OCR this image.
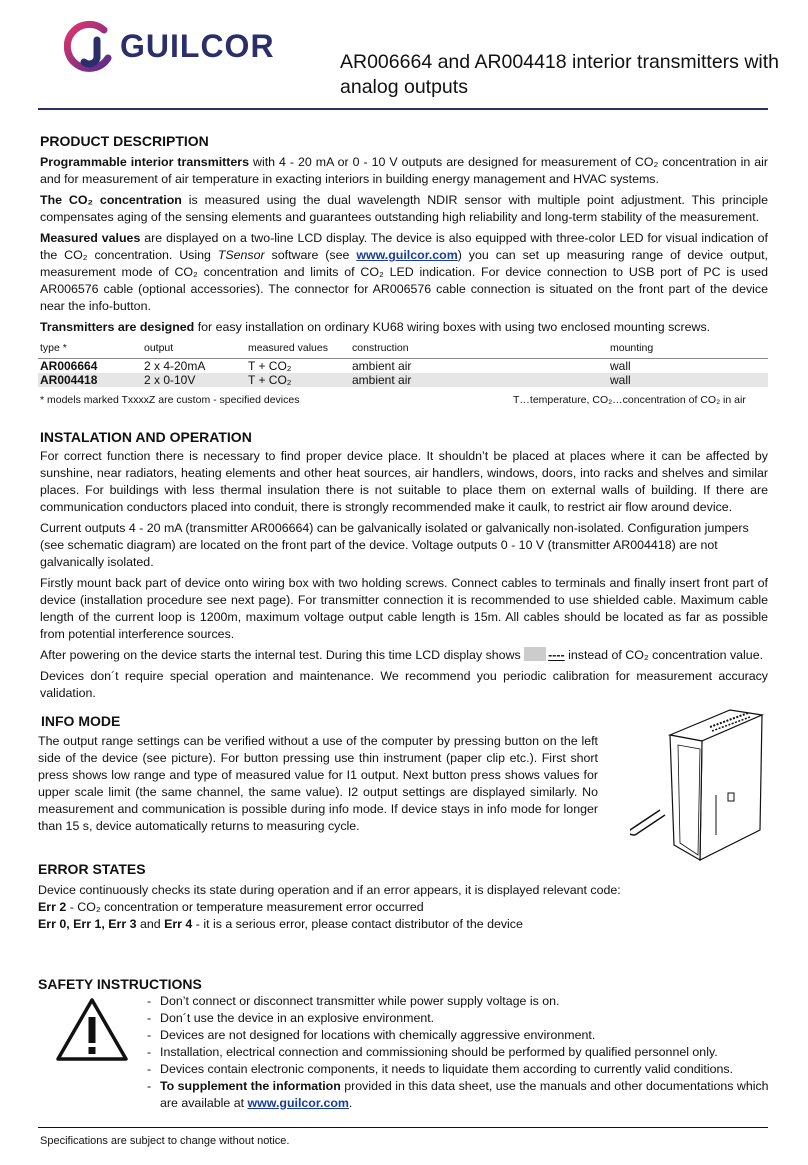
GUILCOR	AR006664 and AR004418 interior transmitters with analog outputs
PRODUCT DESCRIPTION

Programmable interior transmitters with 4 - 20 mA or 0 - 10 V outputs are designed for measurement of CO₂ concentration in air and for measurement of air temperature in exacting interiors in building energy management and HVAC systems.

The CO₂ concentration is measured using the dual wavelength NDIR sensor with multiple point adjustment. This principle compensates aging of the sensing elements and guarantees outstanding high reliability and long-term stability of the measurement.

Measured values are displayed on a two-line LCD display. The device is also equipped with three-color LED for visual indication of the CO₂ concentration. Using TSensor software (see www.guilcor.com) you can set up measuring range of device output, measurement mode of CO₂ concentration and limits of CO₂ LED indication. For device connection to USB port of PC is used AR006576 cable (optional accessories). The connector for AR006576 cable connection is situated on the front part of the device near the info-button.

Transmitters are designed for easy installation on ordinary KU68 wiring boxes with using two enclosed mounting screws.

type *	output	measured values	construction	mounting
AR006664	2 x 4-20mA	T + CO₂	ambient air	wall
AR004418	2 x 0-10V	T + CO₂	ambient air	wall
* models marked TxxxxZ are custom - specified devices	T…temperature, CO₂…concentration of CO₂ in air
INSTALATION AND OPERATION

For correct function there is necessary to find proper device place. It shouldn’t be placed at places where it can be affected by sunshine, near radiators, heating elements and other heat sources, air handlers, windows, doors, into racks and shelves and similar places. For buildings with less thermal insulation there is not suitable to place them on external walls of building. If there are communication conductors placed into conduit, there is strongly recommended make it caulk, to restrict air flow around device.

Current outputs 4 - 20 mA (transmitter AR006664) can be galvanically isolated or galvanically non-isolated. Configuration jumpers (see schematic diagram) are located on the front part of the device. Voltage outputs 0 - 10 V (transmitter AR004418) are not galvanically isolated.

Firstly mount back part of device onto wiring box with two holding screws. Connect cables to terminals and finally insert front part of device (installation procedure see next page). For transmitter connection it is recommended to use shielded cable. Maximum cable length of the current loop is 1200m, maximum voltage output cable length is 15m. All cables should be located as far as possible from potential interference sources.

After powering on the device starts the internal test. During this time LCD display shows ---- instead of CO₂ concentration value.

Devices don´t require special operation and maintenance. We recommend you periodic calibration for measurement accuracy validation.

INFO MODE

The output range settings can be verified without a use of the computer by pressing button on the left side of the device (see picture). For button pressing use thin instrument (paper clip etc.). First short press shows low range and type of measured value for I1 output. Next button press shows values for upper scale limit (the same channel, the same value). I2 output settings are displayed similarly. No measurement and communication is possible during info mode. If device stays in info mode for longer than 15 s, device automatically returns to measuring cycle.

ERROR STATES

Device continuously checks its state during operation and if an error appears, it is displayed relevant code:

Err 2 - CO₂ concentration or temperature measurement error occurred

Err 0, Err 1, Err 3 and Err 4 - it is a serious error, please contact distributor of the device

SAFETY INSTRUCTIONS
- Don’t connect or disconnect transmitter while power supply voltage is on.
- Don´t use the device in an explosive environment.
- Devices are not designed for locations with chemically aggressive environment.
- Installation, electrical connection and commissioning should be performed by qualified personnel only.
- Devices contain electronic components, it needs to liquidate them according to currently valid conditions.
- To supplement the information provided in this data sheet, use the manuals and other documentations which are available at www.guilcor.com.
Specifications are subject to change without notice.
